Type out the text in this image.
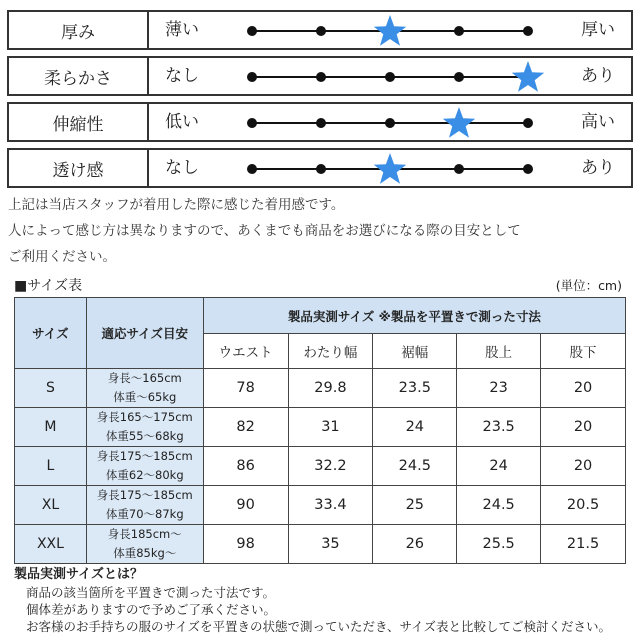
厚み	薄い	厚い
柔らかさ	なし	あり
伸縮性	低い	高い
透け感	なし	あり
上記は当店スタッフが着用した際に感じた着用感です。
人によって感じ方は異なりますので、あくまでも商品をお選びになる際の目安として
ご利用ください。
■サイズ表	(単位：cm)
サイズ	適応サイズ目安	製品実測サイズ ※製品を平置きで測った寸法				
		ウエスト	わたり幅	裾幅	股上	股下
S	身長～165cm
体重～65kg	78	29.8	23.5	23	20
M	身長165～175cm
体重55～68kg	82	31	24	23.5	20
L	身長175～185cm
体重62～80kg	86	32.2	24.5	24	20
XL	身長175～185cm
体重70～87kg	90	33.4	25	24.5	20.5
XXL	身長185cm～
体重85kg～	98	35	26	25.5	21.5
製品実測サイズとは？
商品の該当箇所を平置きで測った寸法です。
個体差がありますので予めご了承ください。
お客様のお手持ちの服のサイズを平置きの状態で測っていただき、サイズ表と比較してご検討ください。
